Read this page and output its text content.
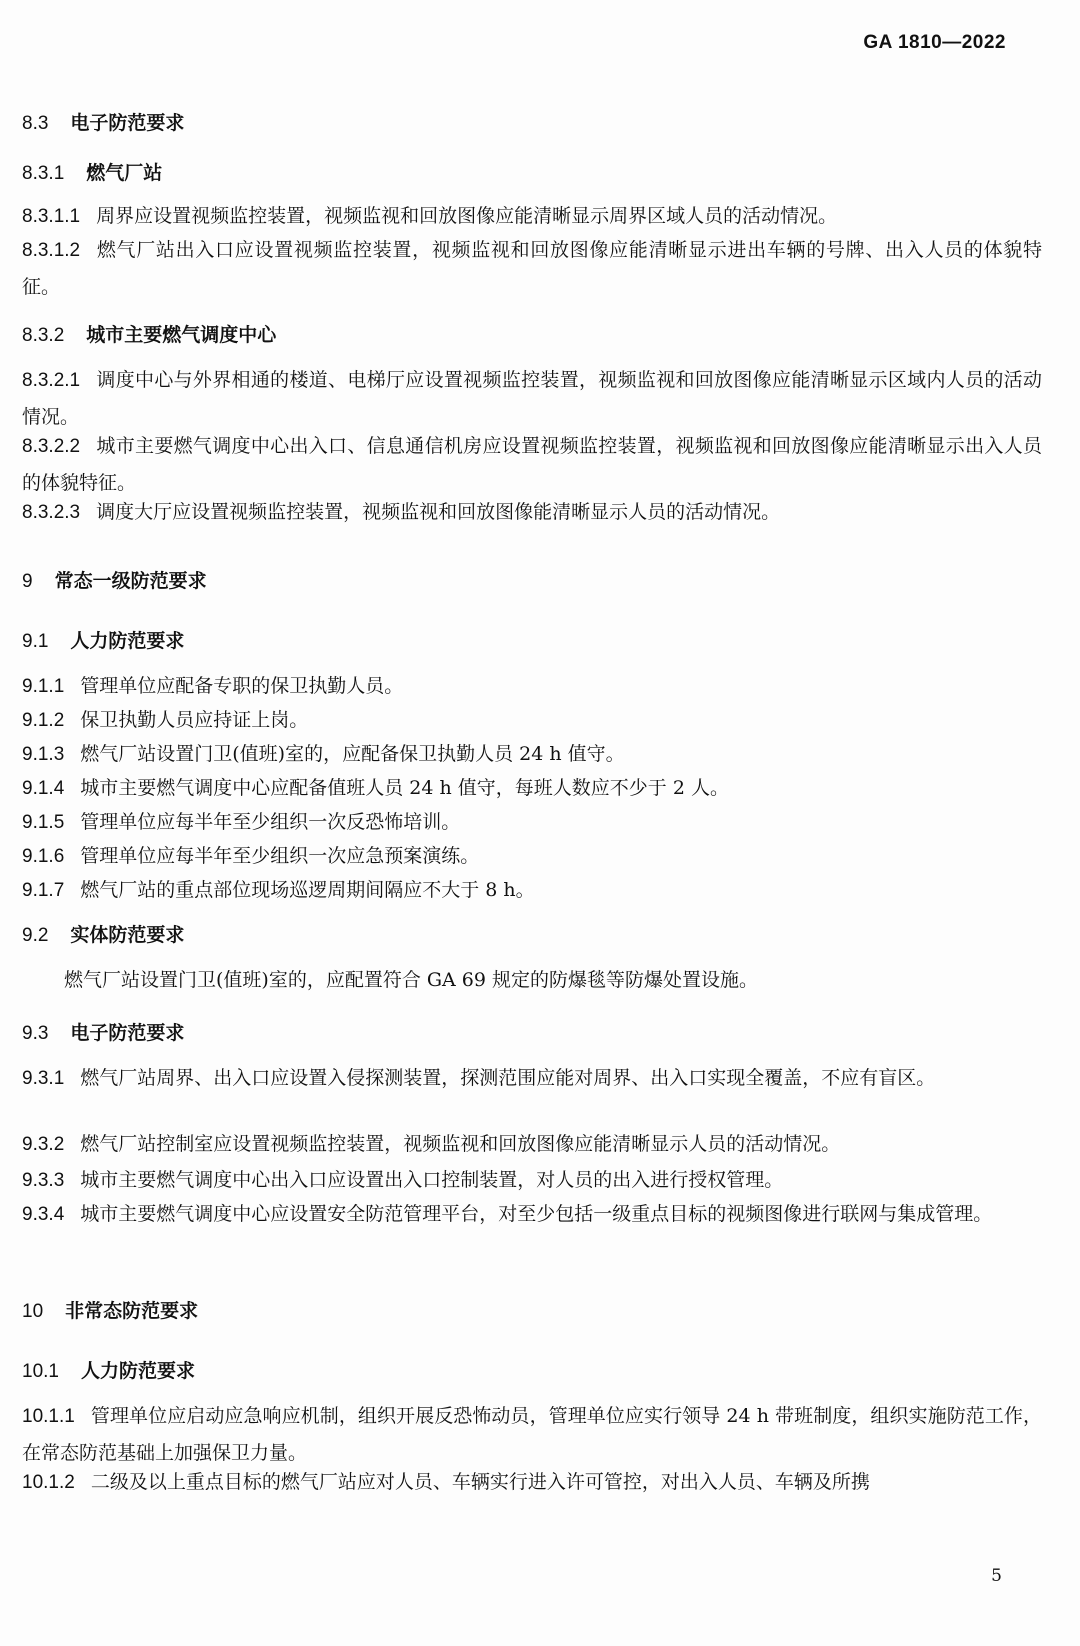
GA 1810—2022
8.3 电子防范要求
8.3.1 燃气厂站
8.3.1.1 周界应设置视频监控装置，视频监视和回放图像应能清晰显示周界区域人员的活动情况。
8.3.1.2 燃气厂站出入口应设置视频监控装置，视频监视和回放图像应能清晰显示进出车辆的号牌、出入人员的体貌特征。
8.3.2 城市主要燃气调度中心
8.3.2.1 调度中心与外界相通的楼道、电梯厅应设置视频监控装置，视频监视和回放图像应能清晰显示区域内人员的活动情况。
8.3.2.2 城市主要燃气调度中心出入口、信息通信机房应设置视频监控装置，视频监视和回放图像应能清晰显示出入人员的体貌特征。
8.3.2.3 调度大厅应设置视频监控装置，视频监视和回放图像能清晰显示人员的活动情况。
9 常态一级防范要求
9.1 人力防范要求
9.1.1 管理单位应配备专职的保卫执勤人员。
9.1.2 保卫执勤人员应持证上岗。
9.1.3 燃气厂站设置门卫(值班)室的，应配备保卫执勤人员 24 h 值守。
9.1.4 城市主要燃气调度中心应配备值班人员 24 h 值守，每班人数应不少于 2 人。
9.1.5 管理单位应每半年至少组织一次反恐怖培训。
9.1.6 管理单位应每半年至少组织一次应急预案演练。
9.1.7 燃气厂站的重点部位现场巡逻周期间隔应不大于 8 h。
9.2 实体防范要求
燃气厂站设置门卫(值班)室的，应配置符合 GA 69 规定的防爆毯等防爆处置设施。
9.3 电子防范要求
9.3.1 燃气厂站周界、出入口应设置入侵探测装置，探测范围应能对周界、出入口实现全覆盖，不应有盲区。
9.3.2 燃气厂站控制室应设置视频监控装置，视频监视和回放图像应能清晰显示人员的活动情况。
9.3.3 城市主要燃气调度中心出入口应设置出入口控制装置，对人员的出入进行授权管理。
9.3.4 城市主要燃气调度中心应设置安全防范管理平台，对至少包括一级重点目标的视频图像进行联网与集成管理。
10 非常态防范要求
10.1 人力防范要求
10.1.1 管理单位应启动应急响应机制，组织开展反恐怖动员，管理单位应实行领导 24 h 带班制度，组织实施防范工作，在常态防范基础上加强保卫力量。
10.1.2 二级及以上重点目标的燃气厂站应对人员、车辆实行进入许可管控，对出入人员、车辆及所携
5
